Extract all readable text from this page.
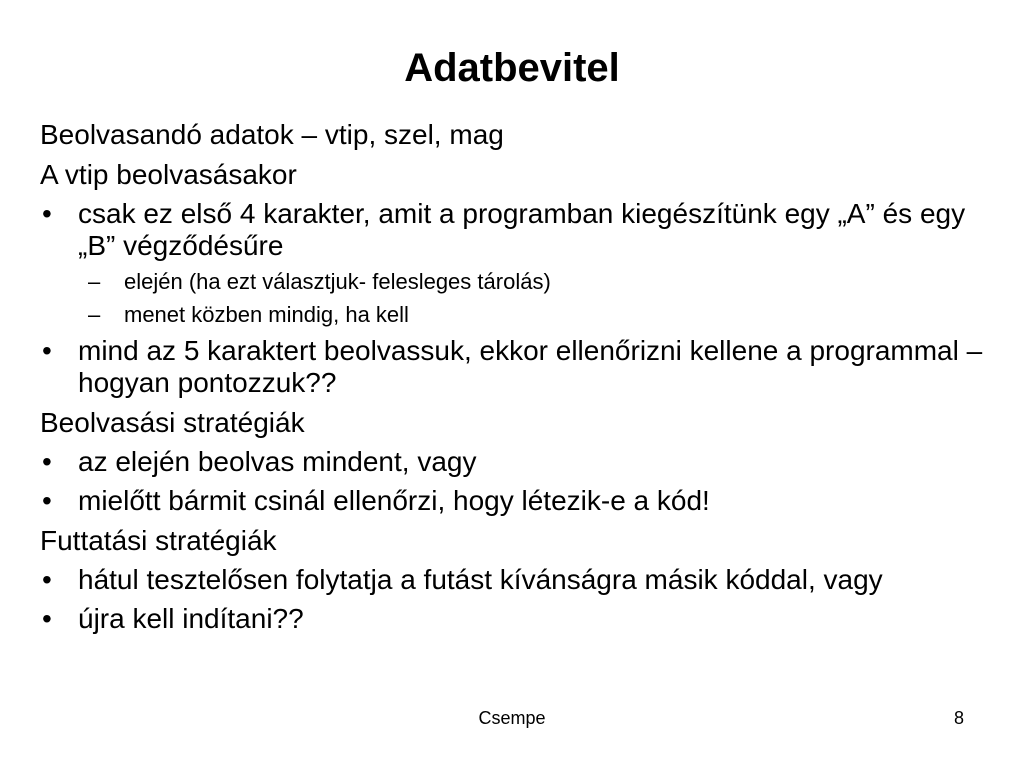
Adatbevitel
Beolvasandó adatok – vtip, szel, mag
A vtip beolvasásakor
• csak ez első 4 karakter, amit a programban kiegészítünk egy „A” és egy „B” végződésűre
– elején (ha ezt választjuk- felesleges tárolás)
– menet közben mindig, ha kell
• mind az 5 karaktert beolvassuk, ekkor ellenőrizni kellene a programmal – hogyan pontozzuk??
Beolvasási stratégiák
• az elején beolvas mindent, vagy
• mielőtt bármit csinál ellenőrzi, hogy létezik-e a kód!
Futtatási stratégiák
• hátul tesztelősen folytatja a futást kívánságra másik kóddal, vagy
• újra kell indítani??
Csempe	8
